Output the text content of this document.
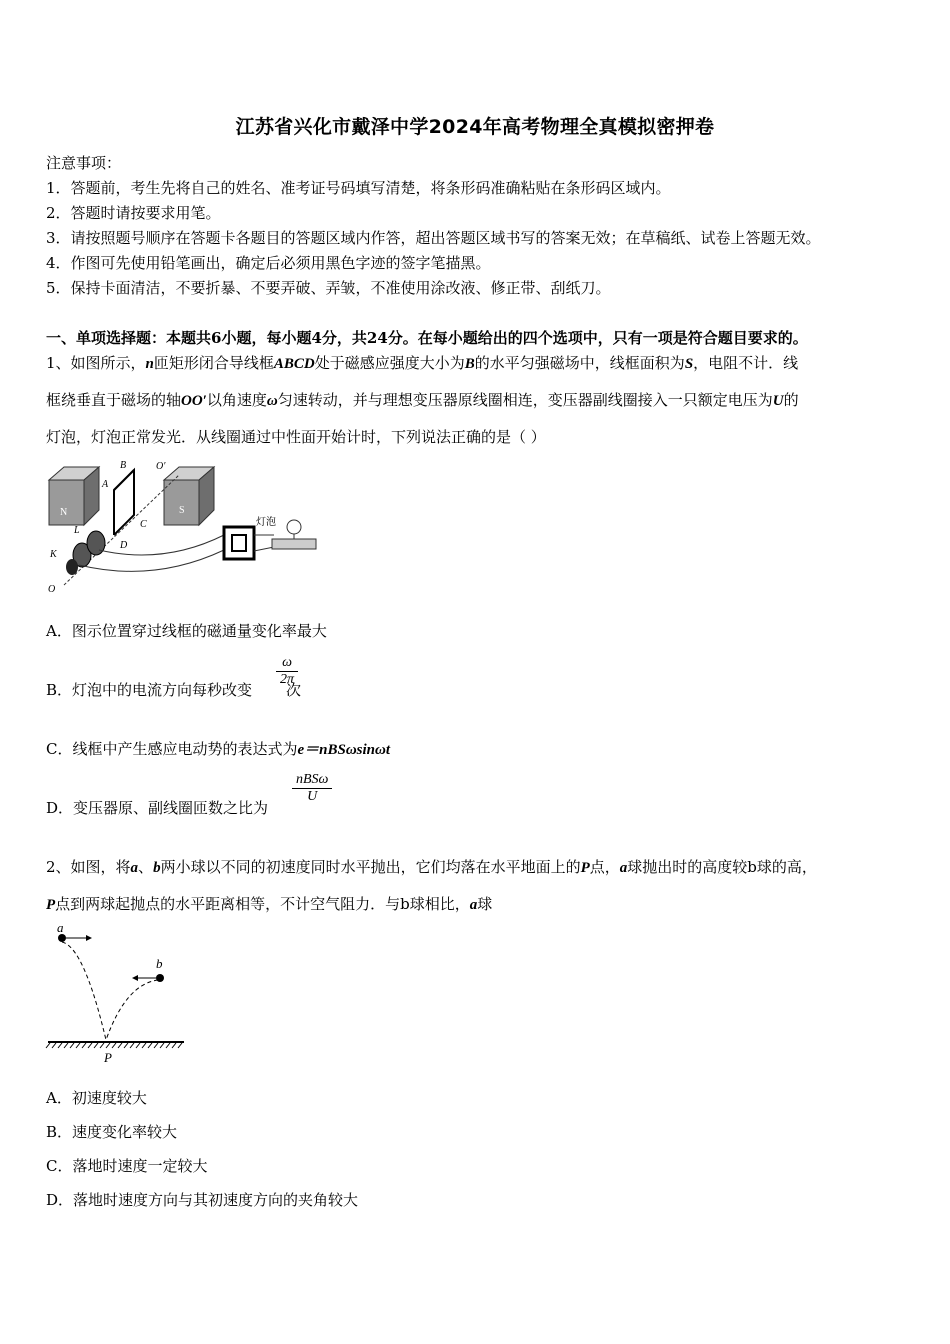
江苏省兴化市戴泽中学2024年高考物理全真模拟密押卷
注意事项：
1．答题前，考生先将自己的姓名、准考证号码填写清楚，将条形码准确粘贴在条形码区域内。
2．答题时请按要求用笔。
3．请按照题号顺序在答题卡各题目的答题区域内作答，超出答题区域书写的答案无效；在草稿纸、试卷上答题无效。
4．作图可先使用铅笔画出，确定后必须用黑色字迹的签字笔描黑。
5．保持卡面清洁，不要折暴、不要弄破、弄皱，不准使用涂改液、修正带、刮纸刀。
一、单项选择题：本题共6小题，每小题4分，共24分。在每小题给出的四个选项中，只有一项是符合题目要求的。
1、如图所示，n匝矩形闭合导线框ABCD处于磁感应强度大小为B的水平匀强磁场中，线框面积为S，电阻不计．线
框绕垂直于磁场的轴OO′以角速度ω匀速转动，并与理想变压器原线圈相连，变压器副线圈接入一只额定电压为U的
灯泡，灯泡正常发光．从线圈通过中性面开始计时，下列说法正确的是（ ）
B	O′
A
N	S
C
L
D
K
O
灯泡
A．图示位置穿过线框的磁通量变化率最大
B．灯泡中的电流方向每秒改变 次
ω
2π
C．线框中产生感应电动势的表达式为e＝nBSωsinωt
D．变压器原、副线圈匝数之比为
nBSω
U
2、如图，将a、b两小球以不同的初速度同时水平抛出，它们均落在水平地面上的P点，a球抛出时的高度较b球的高，
P点到两球起抛点的水平距离相等，不计空气阻力．与b球相比，a球
a
b
P
A．初速度较大
B．速度变化率较大
C．落地时速度一定较大
D．落地时速度方向与其初速度方向的夹角较大
